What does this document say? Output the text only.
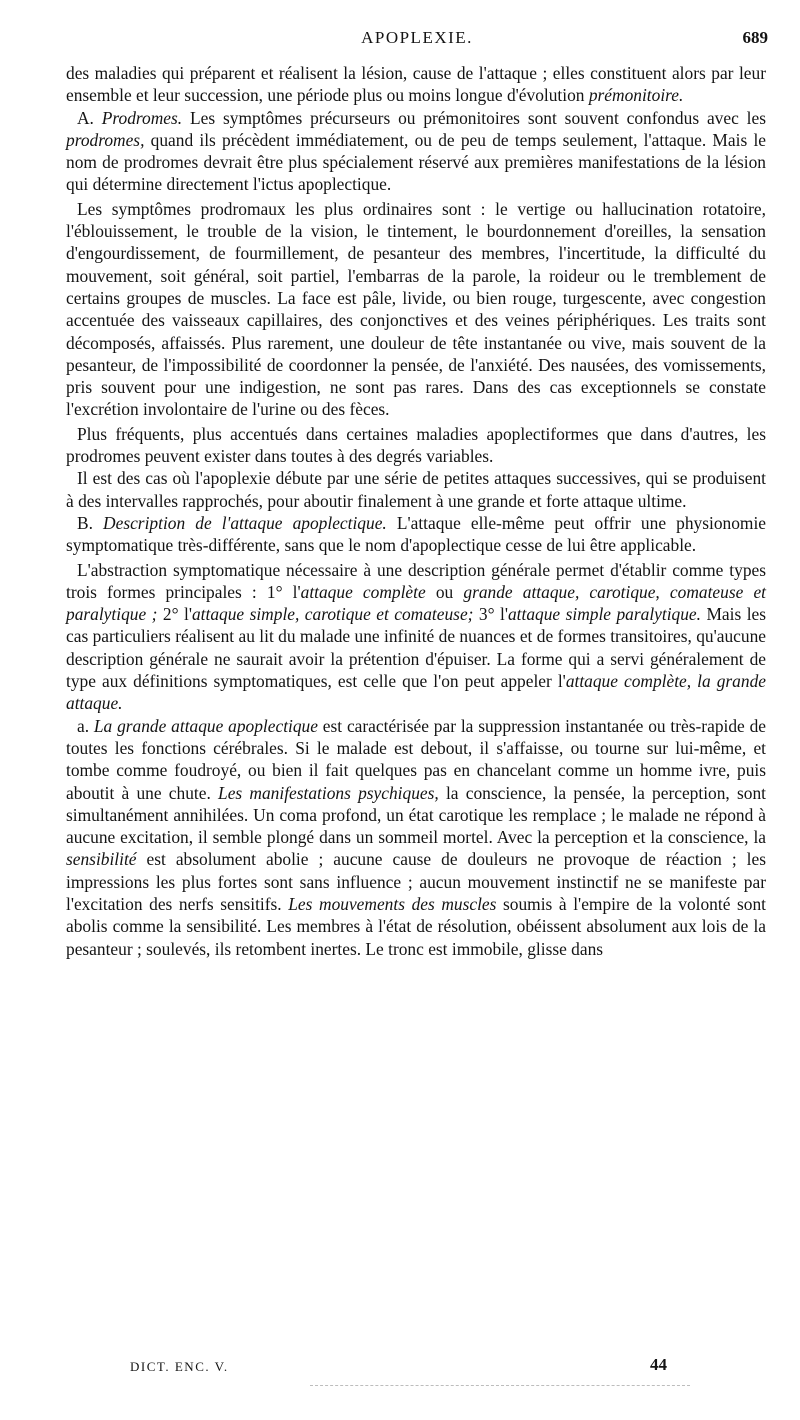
APOPLEXIE.	689

des maladies qui préparent et réalisent la lésion, cause de l'attaque ; elles constituent alors par leur ensemble et leur succession, une période plus ou moins longue d'évolution prémonitoire.

A. Prodromes. Les symptômes précurseurs ou prémonitoires sont souvent confondus avec les prodromes, quand ils précèdent immédiatement, ou de peu de temps seulement, l'attaque. Mais le nom de prodromes devrait être plus spécialement réservé aux premières manifestations de la lésion qui détermine directement l'ictus apoplectique.

Les symptômes prodromaux les plus ordinaires sont : le vertige ou hallucination rotatoire, l'éblouissement, le trouble de la vision, le tintement, le bourdonnement d'oreilles, la sensation d'engourdissement, de fourmillement, de pesanteur des membres, l'incertitude, la difficulté du mouvement, soit général, soit partiel, l'embarras de la parole, la roideur ou le tremblement de certains groupes de muscles. La face est pâle, livide, ou bien rouge, turgescente, avec congestion accentuée des vaisseaux capillaires, des conjonctives et des veines périphériques. Les traits sont décomposés, affaissés. Plus rarement, une douleur de tête instantanée ou vive, mais souvent de la pesanteur, de l'impossibilité de coordonner la pensée, de l'anxiété. Des nausées, des vomissements, pris souvent pour une indigestion, ne sont pas rares. Dans des cas exceptionnels se constate l'excrétion involontaire de l'urine ou des fèces.

Plus fréquents, plus accentués dans certaines maladies apoplectiformes que dans d'autres, les prodromes peuvent exister dans toutes à des degrés variables.

Il est des cas où l'apoplexie débute par une série de petites attaques successives, qui se produisent à des intervalles rapprochés, pour aboutir finalement à une grande et forte attaque ultime.

B. Description de l'attaque apoplectique. L'attaque elle-même peut offrir une physionomie symptomatique très-différente, sans que le nom d'apoplectique cesse de lui être applicable.

L'abstraction symptomatique nécessaire à une description générale permet d'établir comme types trois formes principales : 1° l'attaque complète ou grande attaque, carotique, comateuse et paralytique ; 2° l'attaque simple, carotique et comateuse; 3° l'attaque simple paralytique. Mais les cas particuliers réalisent au lit du malade une infinité de nuances et de formes transitoires, qu'aucune description générale ne saurait avoir la prétention d'épuiser. La forme qui a servi généralement de type aux définitions symptomatiques, est celle que l'on peut appeler l'attaque complète, la grande attaque.

a. La grande attaque apoplectique est caractérisée par la suppression instantanée ou très-rapide de toutes les fonctions cérébrales. Si le malade est debout, il s'affaisse, ou tourne sur lui-même, et tombe comme foudroyé, ou bien il fait quelques pas en chancelant comme un homme ivre, puis aboutit à une chute. Les manifestations psychiques, la conscience, la pensée, la perception, sont simultanément annihilées. Un coma profond, un état carotique les remplace ; le malade ne répond à aucune excitation, il semble plongé dans un sommeil mortel. Avec la perception et la conscience, la sensibilité est absolument abolie ; aucune cause de douleurs ne provoque de réaction ; les impressions les plus fortes sont sans influence ; aucun mouvement instinctif ne se manifeste par l'excitation des nerfs sensitifs. Les mouvements des muscles soumis à l'empire de la volonté sont abolis comme la sensibilité. Les membres à l'état de résolution, obéissent absolument aux lois de la pesanteur ; soulevés, ils retombent inertes. Le tronc est immobile, glisse dans

DICT. ENC. V.	44
